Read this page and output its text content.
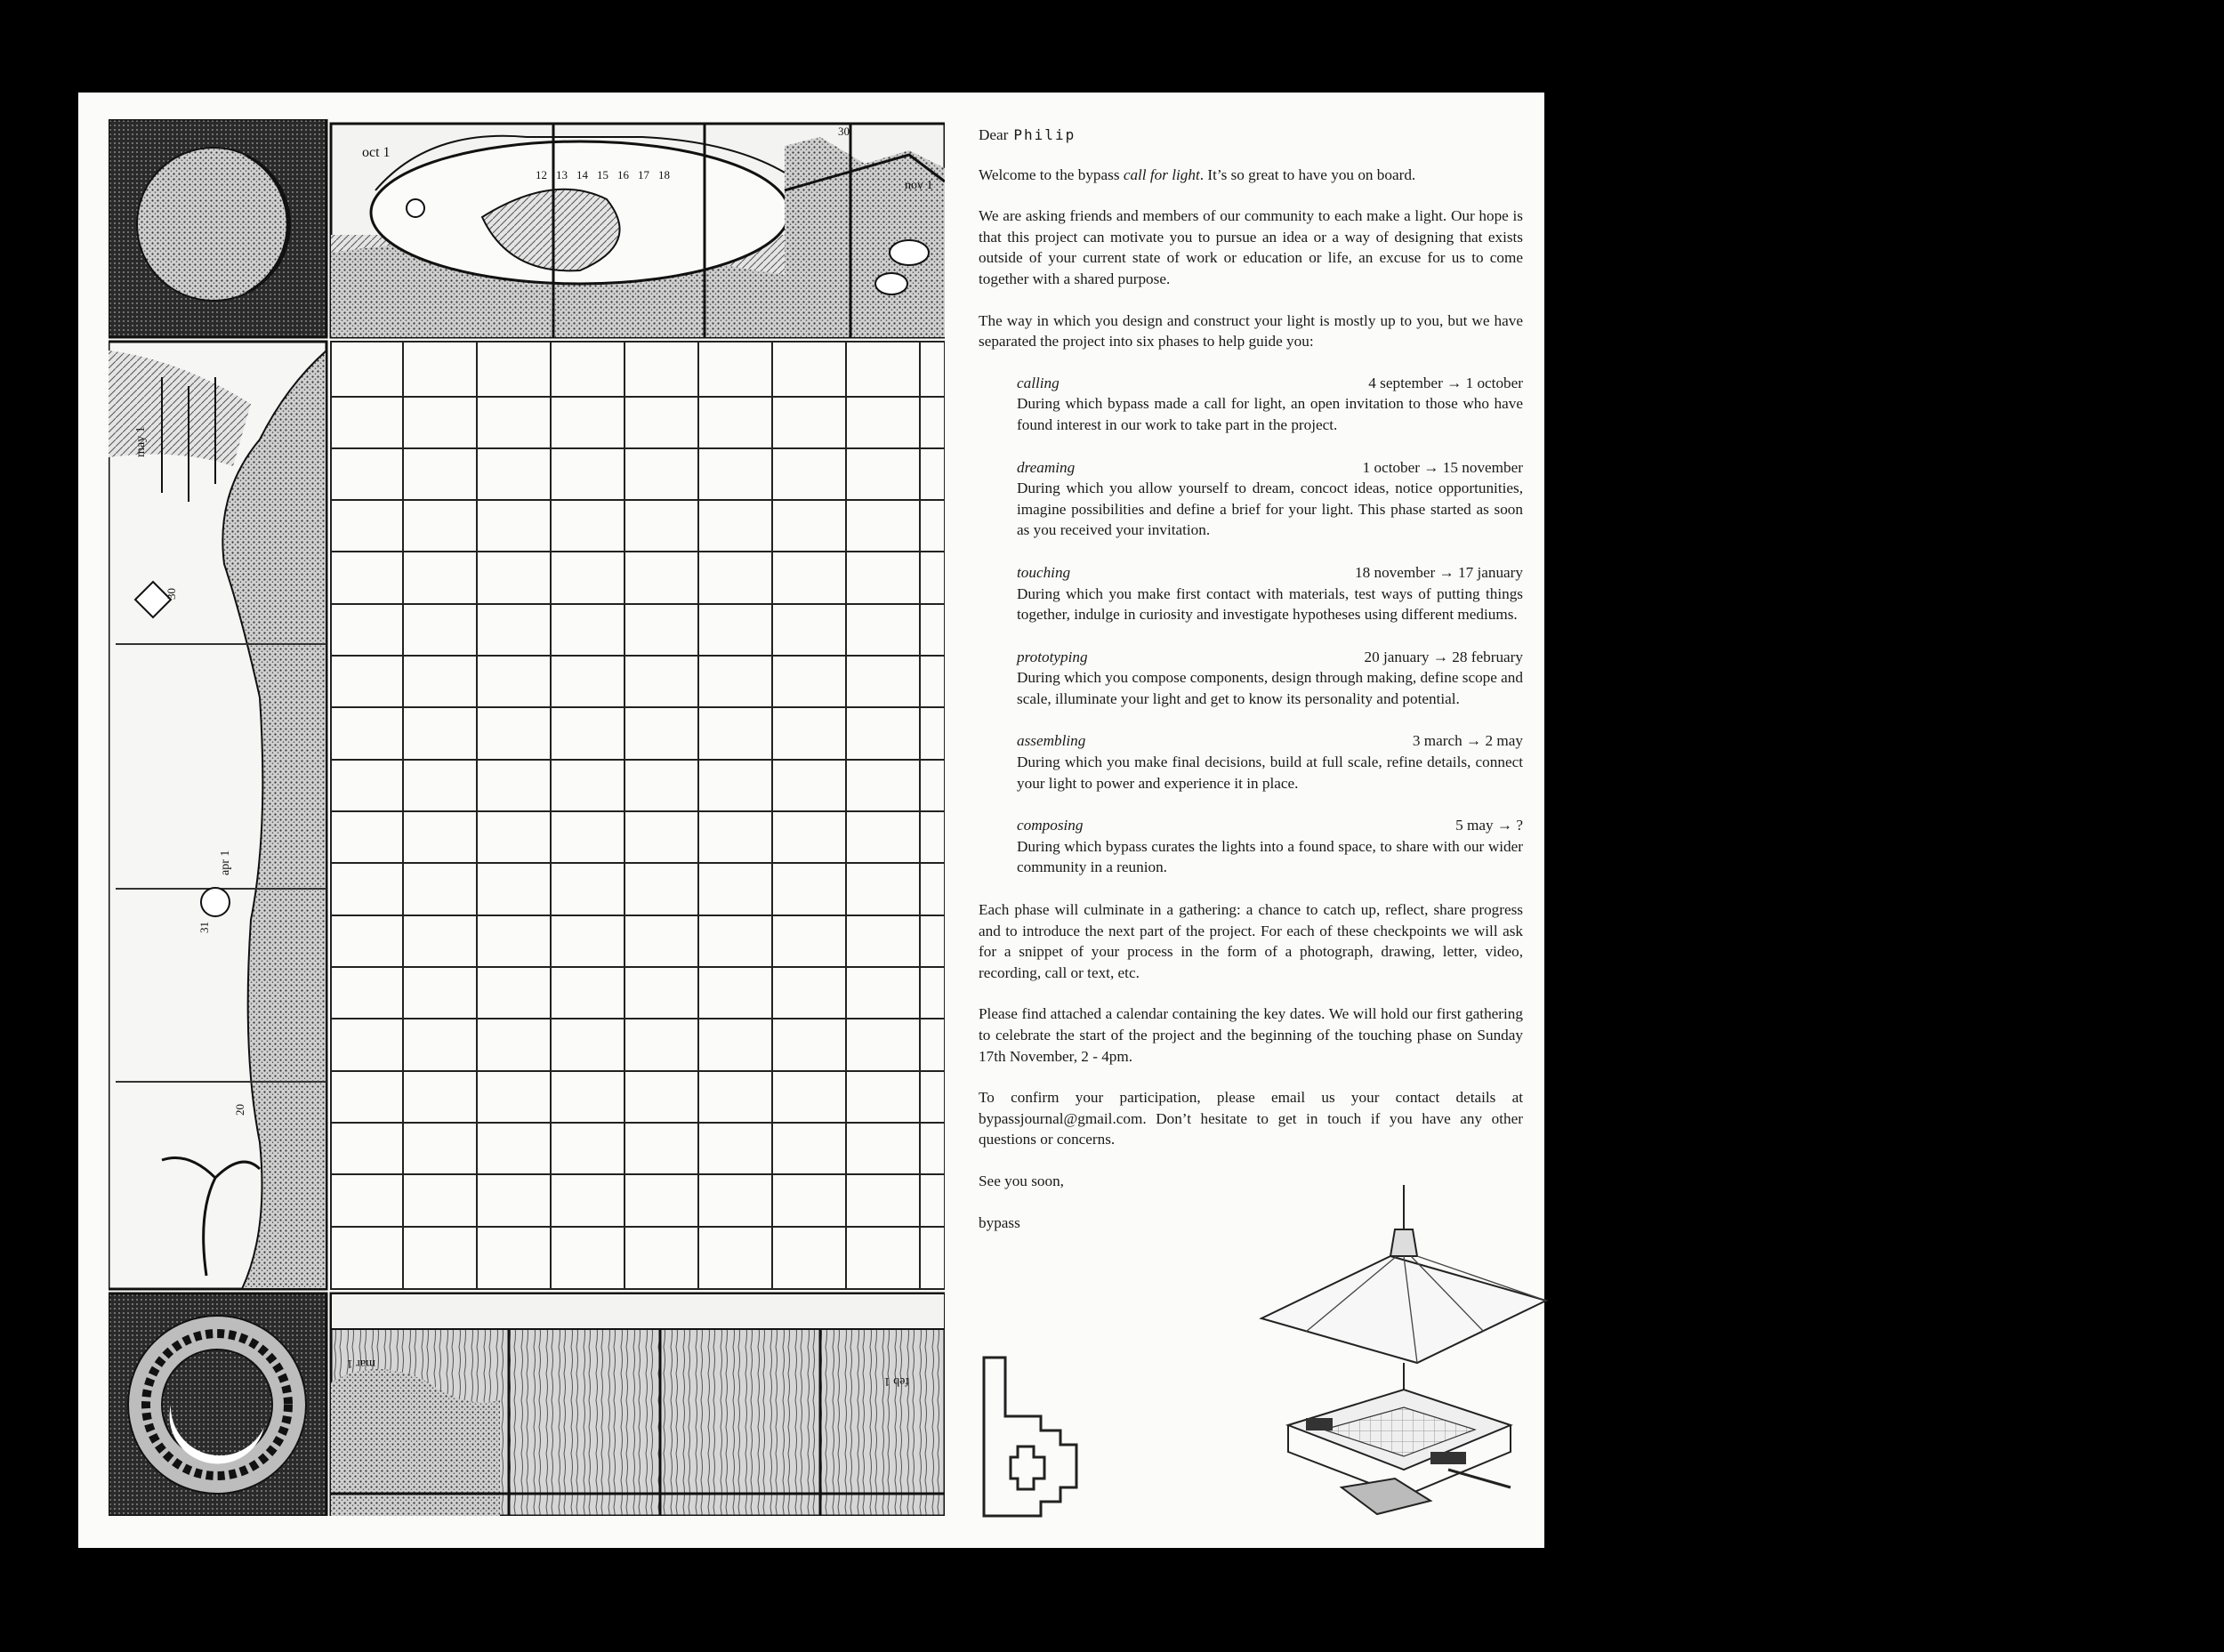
oct 1
nov 1
12 13 14 15 16 17 18
30
may 1
apr 1
30
31
20
mar 1
feb 1
Dear Philip

Welcome to the bypass call for light. It’s so great to have you on board.

We are asking friends and members of our community to each make a light. Our hope is that this project can motivate you to pursue an idea or a way of designing that exists outside of your current state of work or education or life, an excuse for us to come together with a shared purpose.

The way in which you design and construct your light is mostly up to you, but we have separated the project into six phases to help guide you:

calling	4 september → 1 october
During which bypass made a call for light, an open invitation to those who have found interest in our work to take part in the project.
dreaming	1 october → 15 november
During which you allow yourself to dream, concoct ideas, notice opportunities, imagine possibilities and define a brief for your light. This phase started as soon as you received your invitation.
touching	18 november → 17 january
During which you make first contact with materials, test ways of putting things together, indulge in curiosity and investigate hypotheses using different mediums.
prototyping	20 january → 28 february
During which you compose components, design through making, define scope and scale, illuminate your light and get to know its personality and potential.
assembling	3 march → 2 may
During which you make final decisions, build at full scale, refine details, connect your light to power and experience it in place.
composing	5 may → ?
During which bypass curates the lights into a found space, to share with our wider community in a reunion.

Each phase will culminate in a gathering: a chance to catch up, reflect, share progress and to introduce the next part of the project. For each of these checkpoints we will ask for a snippet of your process in the form of a photograph, drawing, letter, video, recording, call or text, etc.

Please find attached a calendar containing the key dates. We will hold our first gathering to celebrate the start of the project and the beginning of the touching phase on Sunday 17th November, 2 - 4pm.

To confirm your participation, please email us your contact details at bypassjournal@gmail.com. Don’t hesitate to get in touch if you have any other questions or concerns.

See you soon,

bypass
